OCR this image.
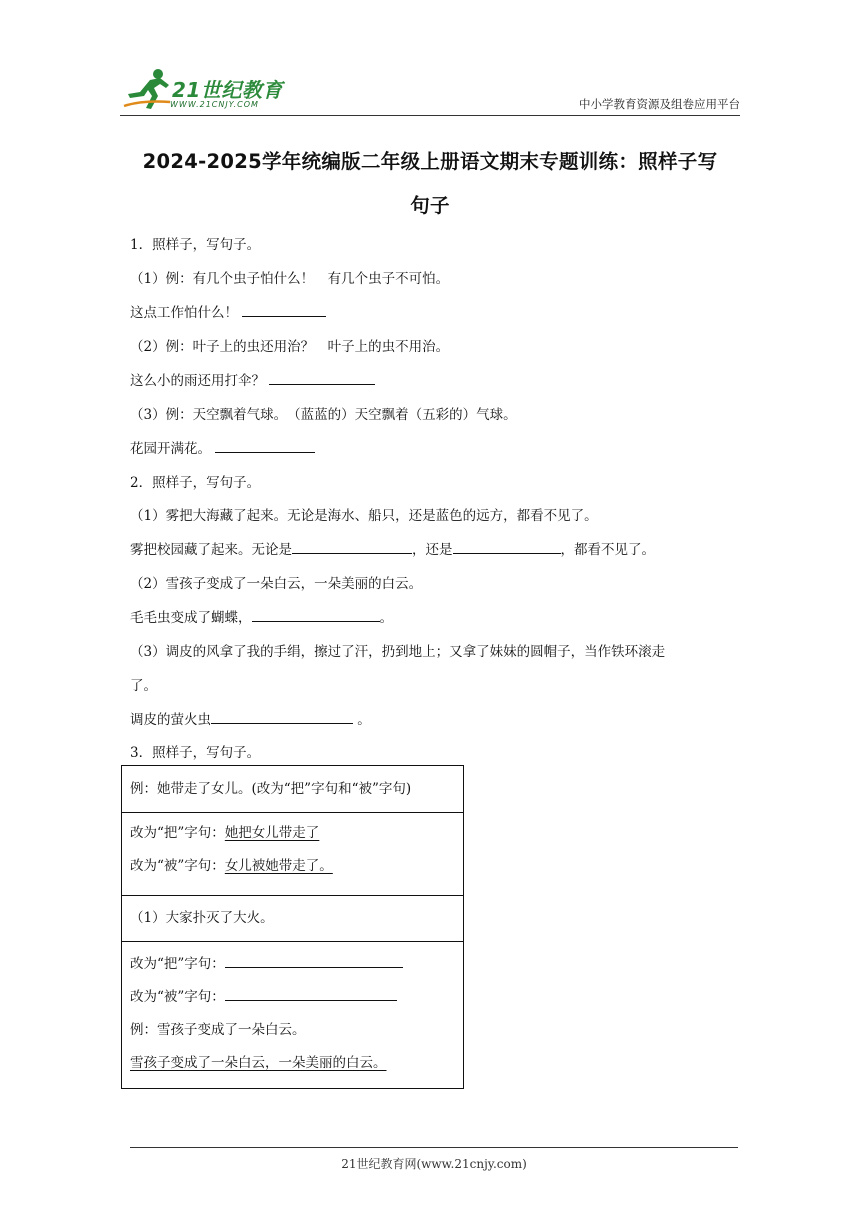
21世纪教育
WWW.21CNJY.COM	中小学教育资源及组卷应用平台
2024-2025学年统编版二年级上册语文期末专题训练：照样子写
句子
1．照样子，写句子。
（1）例：有几个虫子怕什么！　有几个虫子不可怕。
这点工作怕什么！
（2）例：叶子上的虫还用治？　叶子上的虫不用治。
这么小的雨还用打伞？
（3）例：天空飘着气球。　（蓝蓝的）天空飘着（五彩的）气球。
花园开满花。
2．照样子，写句子。
（1）雾把大海藏了起来。无论是海水、船只，还是蓝色的远方，都看不见了。
雾把校园藏了起来。无论是	，还是	，都看不见了。
（2）雪孩子变成了一朵白云，一朵美丽的白云。
毛毛虫变成了蝴蝶，	。
（3）调皮的风拿了我的手绢，擦过了汗，扔到地上；又拿了妹妹的圆帽子，当作铁环滚走
了。
调皮的萤火虫	。
3．照样子，写句子。
例：她带走了女儿。(改为“把”字句和“被”字句)
改为“把”字句：她把女儿带走了
改为“被”字句：女儿被她带走了。
（1）大家扑灭了大火。
改为“把”字句：
改为“被”字句：
例：雪孩子变成了一朵白云。
雪孩子变成了一朵白云，一朵美丽的白云。
21世纪教育网(www.21cnjy.com)
